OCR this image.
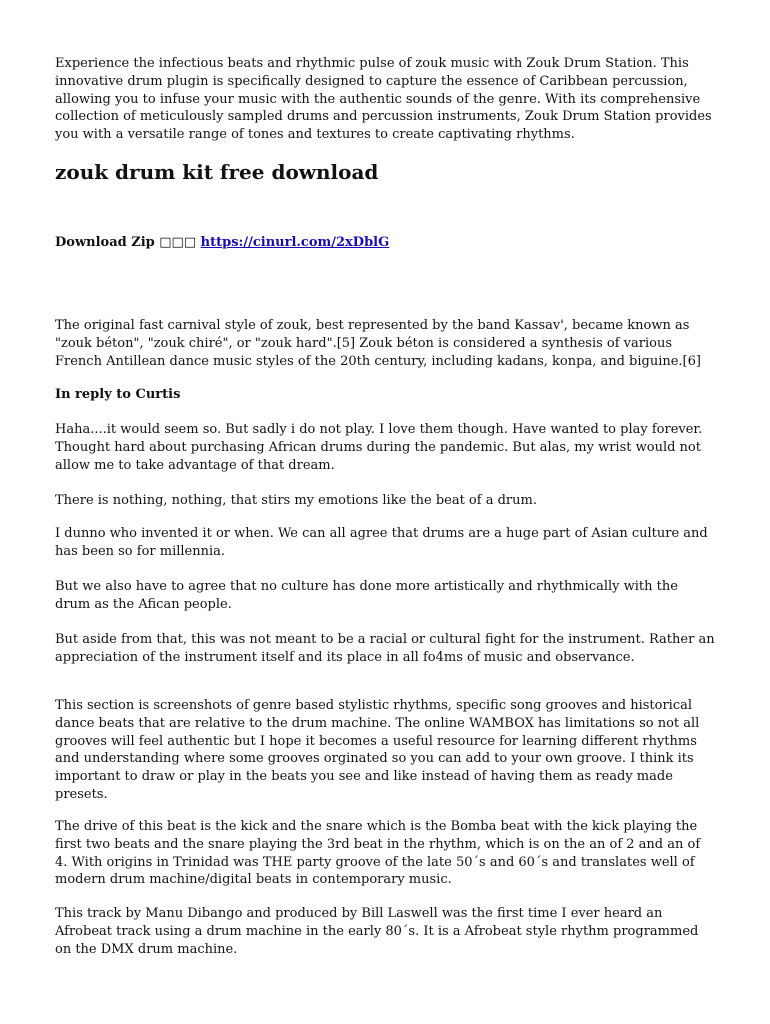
Experience the infectious beats and rhythmic pulse of zouk music with Zouk Drum Station. This innovative drum plugin is specifically designed to capture the essence of Caribbean percussion, allowing you to infuse your music with the authentic sounds of the genre. With its comprehensive collection of meticulously sampled drums and percussion instruments, Zouk Drum Station provides you with a versatile range of tones and textures to create captivating rhythms.

zouk drum kit free download

Download Zip □□□ https://cinurl.com/2xDblG

The original fast carnival style of zouk, best represented by the band Kassav', became known as "zouk béton", "zouk chiré", or "zouk hard".[5] Zouk béton is considered a synthesis of various French Antillean dance music styles of the 20th century, including kadans, konpa, and biguine.[6]

In reply to Curtis

Haha....it would seem so. But sadly i do not play. I love them though. Have wanted to play forever. Thought hard about purchasing African drums during the pandemic. But alas, my wrist would not allow me to take advantage of that dream.

There is nothing, nothing, that stirs my emotions like the beat of a drum.

I dunno who invented it or when. We can all agree that drums are a huge part of Asian culture and has been so for millennia.

But we also have to agree that no culture has done more artistically and rhythmically with the drum as the Afican people.

But aside from that, this was not meant to be a racial or cultural fight for the instrument. Rather an appreciation of the instrument itself and its place in all fo4ms of music and observance.

This section is screenshots of genre based stylistic rhythms, specific song grooves and historical dance beats that are relative to the drum machine. The online WAMBOX has limitations so not all grooves will feel authentic but I hope it becomes a useful resource for learning different rhythms and understanding where some grooves orginated so you can add to your own groove. I think its important to draw or play in the beats you see and like instead of having them as ready made presets.

The drive of this beat is the kick and the snare which is the Bomba beat with the kick playing the first two beats and the snare playing the 3rd beat in the rhythm, which is on the an of 2 and an of 4. With origins in Trinidad was THE party groove of the late 50´s and 60´s and translates well of modern drum machine/digital beats in contemporary music.

This track by Manu Dibango and produced by Bill Laswell was the first time I ever heard an Afrobeat track using a drum machine in the early 80´s. It is a Afrobeat style rhythm programmed on the DMX drum machine.
